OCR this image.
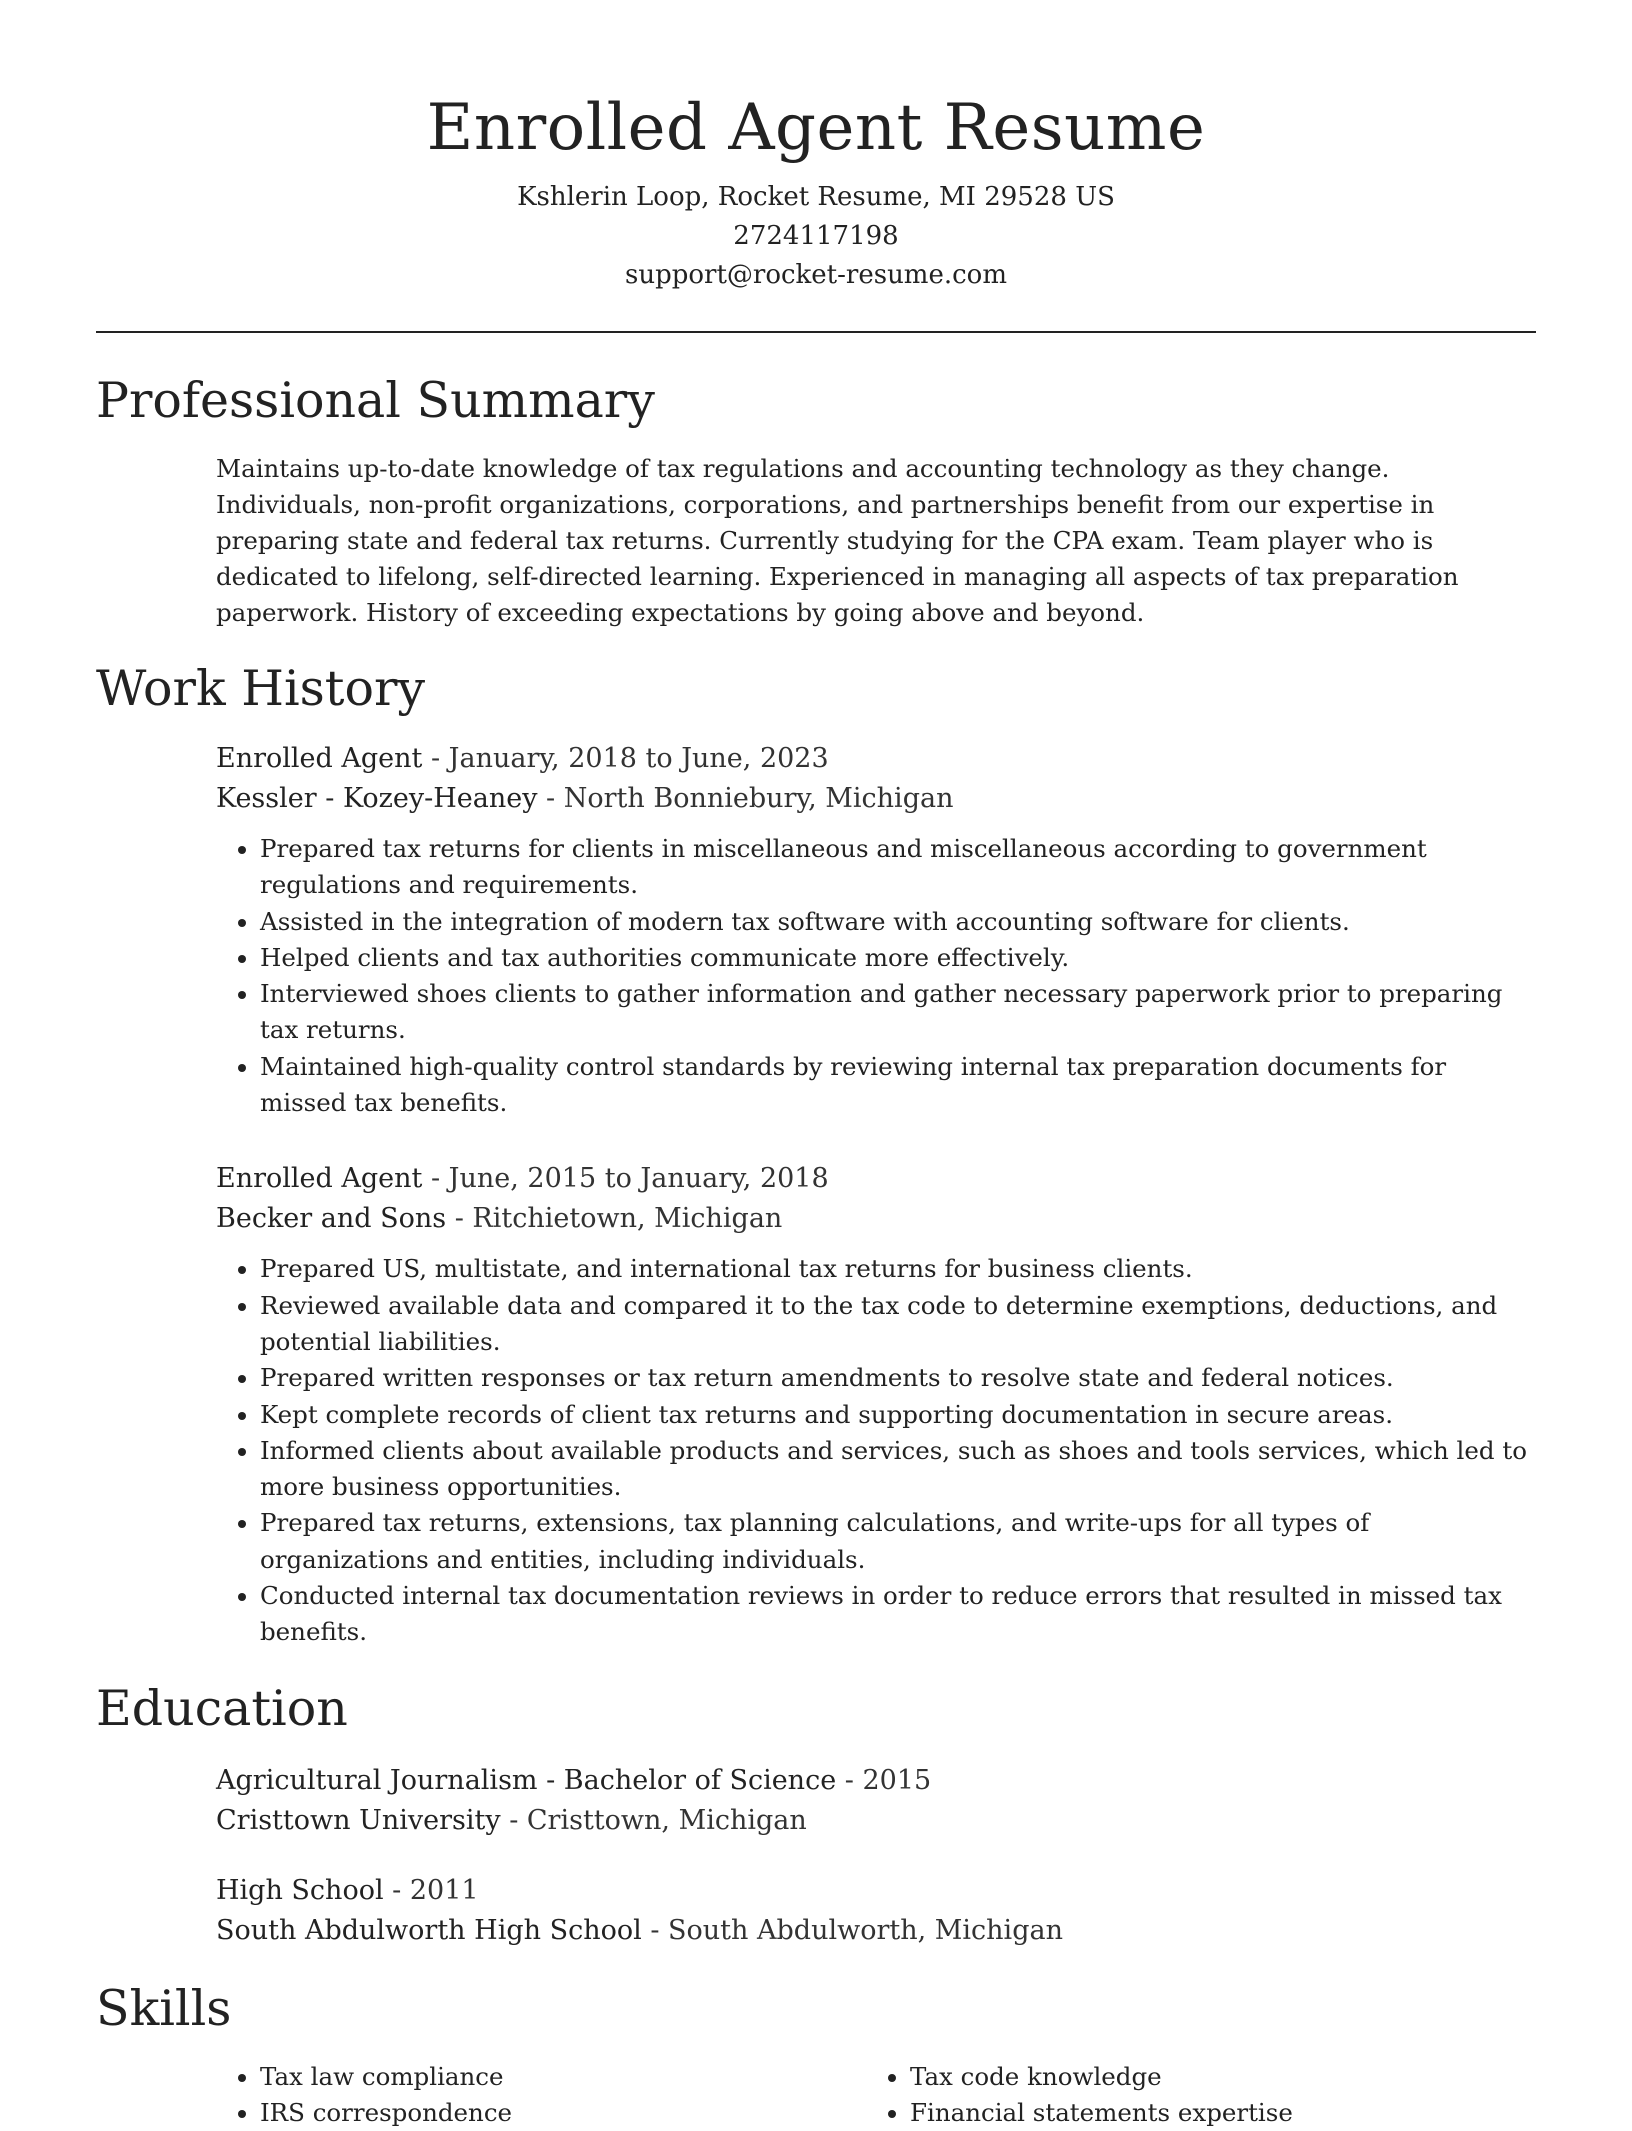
Enrolled Agent Resume
Kshlerin Loop, Rocket Resume, MI 29528 US
2724117198
support@rocket-resume.com
Professional Summary
Maintains up-to-date knowledge of tax regulations and accounting technology as they change. Individuals, non-profit organizations, corporations, and partnerships benefit from our expertise in preparing state and federal tax returns. Currently studying for the CPA exam. Team player who is dedicated to lifelong, self-directed learning. Experienced in managing all aspects of tax preparation paperwork. History of exceeding expectations by going above and beyond.
Work History
Enrolled Agent - January, 2018 to June, 2023
Kessler - Kozey-Heaney - North Bonniebury, Michigan
• Prepared tax returns for clients in miscellaneous and miscellaneous according to government regulations and requirements.
• Assisted in the integration of modern tax software with accounting software for clients.
• Helped clients and tax authorities communicate more effectively.
• Interviewed shoes clients to gather information and gather necessary paperwork prior to preparing tax returns.
• Maintained high-quality control standards by reviewing internal tax preparation documents for missed tax benefits.
Enrolled Agent - June, 2015 to January, 2018
Becker and Sons - Ritchietown, Michigan
• Prepared US, multistate, and international tax returns for business clients.
• Reviewed available data and compared it to the tax code to determine exemptions, deductions, and potential liabilities.
• Prepared written responses or tax return amendments to resolve state and federal notices.
• Kept complete records of client tax returns and supporting documentation in secure areas.
• Informed clients about available products and services, such as shoes and tools services, which led to more business opportunities.
• Prepared tax returns, extensions, tax planning calculations, and write-ups for all types of organizations and entities, including individuals.
• Conducted internal tax documentation reviews in order to reduce errors that resulted in missed tax benefits.
Education
Agricultural Journalism - Bachelor of Science - 2015
Cristtown University - Cristtown, Michigan
High School - 2011
South Abdulworth High School - South Abdulworth, Michigan
Skills
• Tax law compliance
• IRS correspondence
• Tax code knowledge
• Financial statements expertise
